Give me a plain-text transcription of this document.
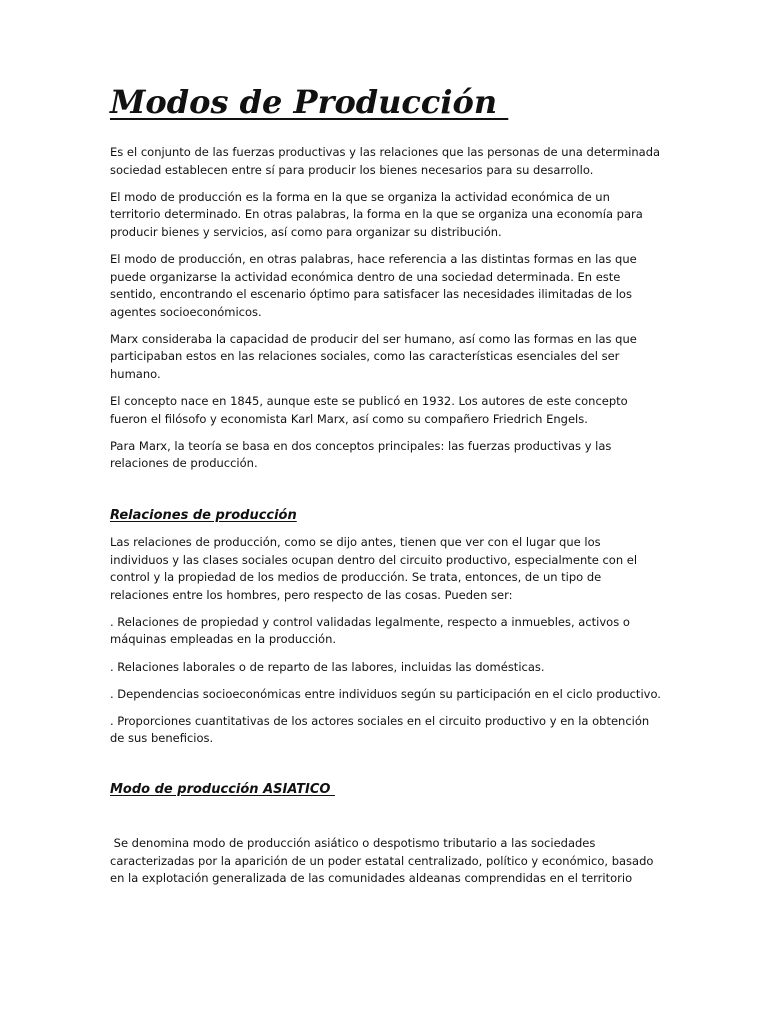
Modos de Producción

Es el conjunto de las fuerzas productivas y las relaciones que las personas de una determinada sociedad establecen entre sí para producir los bienes necesarios para su desarrollo.

El modo de producción es la forma en la que se organiza la actividad económica de un territorio determinado. En otras palabras, la forma en la que se organiza una economía para producir bienes y servicios, así como para organizar su distribución.

El modo de producción, en otras palabras, hace referencia a las distintas formas en las que puede organizarse la actividad económica dentro de una sociedad determinada. En este sentido, encontrando el escenario óptimo para satisfacer las necesidades ilimitadas de los agentes socioeconómicos.

Marx consideraba la capacidad de producir del ser humano, así como las formas en las que participaban estos en las relaciones sociales, como las características esenciales del ser humano.

El concepto nace en 1845, aunque este se publicó en 1932. Los autores de este concepto fueron el filósofo y economista Karl Marx, así como su compañero Friedrich Engels.

Para Marx, la teoría se basa en dos conceptos principales: las fuerzas productivas y las relaciones de producción.

Relaciones de producción

Las relaciones de producción, como se dijo antes, tienen que ver con el lugar que los individuos y las clases sociales ocupan dentro del circuito productivo, especialmente con el control y la propiedad de los medios de producción. Se trata, entonces, de un tipo de relaciones entre los hombres, pero respecto de las cosas. Pueden ser:

. Relaciones de propiedad y control validadas legalmente, respecto a inmuebles, activos o máquinas empleadas en la producción.

. Relaciones laborales o de reparto de las labores, incluidas las domésticas.

. Dependencias socioeconómicas entre individuos según su participación en el ciclo productivo.

. Proporciones cuantitativas de los actores sociales en el circuito productivo y en la obtención de sus beneficios.

Modo de producción ASIATICO

Se denomina modo de producción asiático o despotismo tributario a las sociedades caracterizadas por la aparición de un poder estatal centralizado, político y económico, basado en la explotación generalizada de las comunidades aldeanas comprendidas en el territorio
